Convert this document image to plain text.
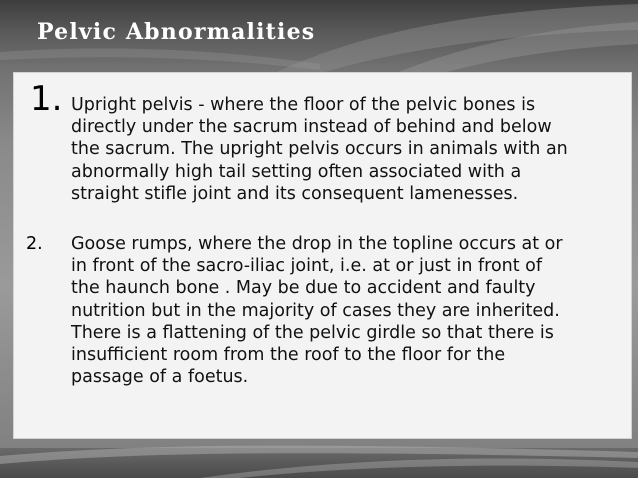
Pelvic Abnormalities
1. Upright pelvis - where the floor of the pelvic bones is
directly under the sacrum instead of behind and below
the sacrum. The upright pelvis occurs in animals with an
abnormally high tail setting often associated with a
straight stifle joint and its consequent lamenesses.

2. Goose rumps, where the drop in the topline occurs at or
in front of the sacro-iliac joint, i.e. at or just in front of
the haunch bone . May be due to accident and faulty
nutrition but in the majority of cases they are inherited.
There is a flattening of the pelvic girdle so that there is
insufficient room from the roof to the floor for the
passage of a foetus.
